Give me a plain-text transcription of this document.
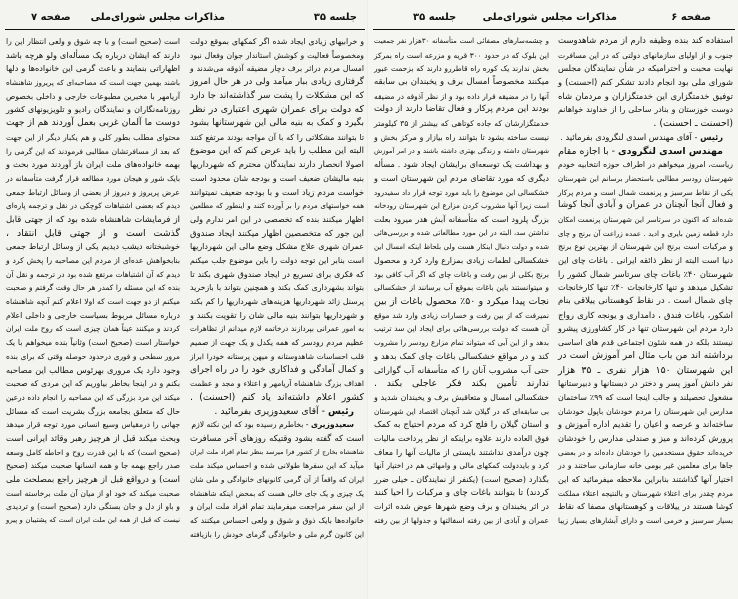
جلسه ۳۵
مذاکرات مجلس شورای‌ملی
صفحه ۷
و خرابیهای زیادی ایجاد شده اگر کمکهای بموقع دولت
ومخصوصاً فعالیت و کوشش استاندار جوان وفعال نبود
امسال مردم دراثر برف دچار مضیقه آذوقه می‌شدند و
گرفتاری زیادی ببار میآمد ولی در هر حال امروز
که این مشکلات را پشت سر گذاشته‌اند جا دارد
که دولت برای عمران شهری اعتباری در نظر
بگیرد و کمک به بنیه مالی این شهرستانها بشود
تا بتوانند مشکلاتی را که با آن مواجه بودند مرتفع کنند
البته این مطلب را باید عرض کنم که این موضوع
اصولا انحصار دارند نمایندگان محترم که شهرداریها
بنیه مالیشان ضعیف است و بودجه شان محدود است
خواست مردم زیاد است و با بودجه ضعیف نمیتوانند
همه خواستهای مردم را بر آورده کنند و اینطور که مطلعین
اظهار میکنند بنده که تخصصی در این امر ندارم ولی
این جور که متخصصین اظهار میکنند ایجاد صندوق
عمران شهری علاج مشکل وضع مالی این شهرداریها
است بنابر این توجه دولت را باین موضوع جلب میکنم
که فکری برای تسریع در ایجاد صندوق شهری بکند تا
بتواند بشهرداری کمک بکند و همچنین بتواند با بازخرید
پرسنل زائد شهرداریها هزینه‌های شهرداریها را کم بکند
و شهرداریها بتوانند بنیه مالی شان را تقویت بکنند و
به امور عمرانی بپردازند درخاتمه لازم میدانم از تظاهرات
عظیم مردم رودسر که همه یکدل و یک جهت از صمیم
قلب احساسات شاهدوستانه و میهن پرستانه خودرا ابراز
و کمال آمادگی و فداکاری خود را در راه اجرای
اهداف بزرگ شاهنشاه آریامهر و اعتلاء و مجد و عظمت
کشور اعلام داشته‌اند یاد کنم (احسنت) .
رئیس - آقای سعیدوزیری بفرمائید .
سعیدوزیری - بخاطرم رسیده بود که این نکته لازم
است که گفته بشود وقتیکه روزهای آخر مسافرت
شاهنشاه بخارج از کشور فرا میرسد بنظر تمام افراد ملت ایران
میآید که این سفرها طولانی شده و احساس میکند ملت
ایران که واقعاً از آن گرمی کانونهای خانوادگی و ملی شان
یک چیزی و یک جای خالی هست که بمحض اینکه شاهنشاه
از این سفر مراجعت میفرمایند تمام افراد ملت ایران و
خانواده‌ها بایک ذوق و شوق و ولعی احساس میکنند که
این کانون گرم ملی و خانوادگی گرمای خودش را بازیافته
است (صحیح است) و با چه شوق و ولعی انتظار این را
دارند که ایشان درباره یک مسأله‌ای ولو هرچه باشد
اظهاراتی بنمایند و باعث گرمی این خانواده‌ها و دلها
باشند بهمین جهت است که مصاحبه‌ای که پریروز شاهنشاه
آریامهر با مخبرین مطبوعات خارجی و داخلی بخصوص
روزنامه‌نگاران و نمایندگان رادیو و تلویزیونهای کشور
دوست ما آلمان غربی بعمل آوردند هم از جهت
محتوای مطلب بطور کلی و هم یکبار دیگر از این جهت
که بعد از مسافرتشان مطالبی فرمودند که این گرمی را
بهمه خانواده‌های ملت ایران باز آوردند مورد بحث و
بایک شور و هیجان مورد مطالعه قرار گرفت متأسفانه در
عرض پریروز و دیروز از بعضی از وسائل ارتباط جمعی
دیدم که بعضی اشتباهات کوچکی در نقل و ترجمه پاره‌ای
از فرمایشات شاهنشاه شده بود که از جهتی قابل
گذشت است و از جهتی قابل انتقاد ،
خوشبختانه دیشب دیدیم یکی از وسائل ارتباط جمعی
بنابخواهش عده‌ای از مردم این مصاحبه را پخش کرد و
دیدم که آن اشتباهات مرتفع شده بود در ترجمه و نقل آن
بنده که این مسئله را کمدر هر حال وقت گرفتم و صحبت
میکنم از دو جهت است که اولا اعلام کنم آنچه شاهنشاه
درباره مسائل مربوط بسیاست خارجی و داخلی اعلام
کردند و میکنند عیناً همان چیزی است که روح ملت ایران
خواستار است (صحیح است) وثانیاً بنده میخواهم با یک
مرور سطحی و فوری درحدود حوصله وقتی که برای بنده
وجود دارد یک مروری بهرئوس مطالب این مصاحبه
بکنم و در اینجا بخاطر بیاوریم که این مردی که صحبت
میکند این مرد بزرگی که این مصاحبه را انجام داده درعین
حال که متعلق بجامعه بزرگ بشریت است که مسائل
جهانی را درمقیاس وسیع انسانی مورد توجه قرار میدهد
وبحث میکند قبل از هرچیز رهبر وقائد ایرانی است
(صحیح است) که با این قدرت روح و احاطه کامل وسعه
صدر راجع بهمه جا و همه انسانها صحبت میکند (صحیح
است) و درواقع قبل از هرچیز راجع بمصلحت ملی
صحبت میکند که خود او از میان آن ملت برخاسته است
و باو از دل و جان بستگی دارد (صحیح است) و تردیدی
نیست که قبل از همه این ملت ایران است که پشتیبان و پیرو
صفحه ۶
مذاکرات مجلس شورای‌ملی
جلسه ۳۵
استفاده کند بنده وظیفه دارم از مردم شاهدوست
جنوب و از اولیای سازمانهای دولتی که در این مسافرت
نهایت محبت و احترامیکه در شأن نمایندگان مجلس
شورای ملی بود انجام دادند تشکر کنم (احسنت) و
توفیق خدمتگزاری این خدمتگزاران و مردمان شاه
دوست خوزستان و بنادر ساحلی را از خداوند خواهانم
(احسنت ـ احسنت) .
رئیس - آقای مهندس اسدی لنگرودی بفرمائید .
مهندس اسدی لنگرودی - با اجازه مقام
ریاست، امروز میخواهم در اطراف حوزه انتخابیه خودم
شهرستان رودسر مطالبی باستحضار برسانم این شهرستان
یکی از نقاط سرسبز و پرنعمت شمال است و مردم پرکار
و فعال آنجا آنچنان در عمران و آبادی آنجا کوشا
شده‌اند که اکنون در سرتاسر این شهرستان پرنعمت امکان
دارد قطعه زمین بایری و ادید . عمده زراعت آن برنج و چای
و مرکبات است برنج این شهرستان از بهترین نوع برنج
دنیا است البته از نظر ذائقه ایرانی . باغات چای این
شهرستان ۴۰٪ باغات چای سرتاسر شمال کشور را
تشکیل میدهد و تنها کارخانجات ۴۰٪ تنها کارخانجات
چای شمال است . در نقاط کوهستانی ییلاقی بنام
اشکور، باغات فندق ، دامداری و یونجه کاری رواج
دارد مردم این شهرستان تنها در کار کشاورزی پیشرو
نیستند بلکه در همه شئون اجتماعی قدم های اساسی
برداشته اند من باب مثال امر آموزش است در
این شهرستان ۱۵۰ هزار نفری ـ ۳۵ هزار
نفر دانش آموز پسر و دختر در دبستانها و دبیرستانها
مشغول تحصیلند و جالب اینجا است که ۹۹٪ ساختمان
مدارس این شهرستان را مردم خودشان باپول خودشان
ساخته‌اند و عرصه و اعیان را تقدیم اداره آموزش و
پرورش کرده‌اند و میز و صندلی مدارس را خودشان
خریده‌اند حقوق مستخدمین را خودشان داده‌اند و در بعضی
جاها برای معلمین غیر بومی خانه سازمانی ساختند و در
اختیار آنها گذاشتند بنابراین ملاحظه میفرمائید که این
مردم چقدر برای اعتلاء شهرستان و بالنتیجه اعتلاء مملکت
کوشا هستند در ییلاقات و کوهستانهای مصفا که نقاط
بسیار سرسبز و خرمی است و دارای آبشارهای بسیار زیبا
و چشمه‌سارهای مصفائی است متأسفانه ۳۰هزار نفر جمعیت
این بلوک که در حدود ۳۰۰ قریه و مزرعه است راه بمرکز
بخش ندارند یک کوره راه قاطررو دارند که بزحمت عبور
میکنند مخصوصاً امسال برف و یخبندان بی سابقه
آنها را در مضیقه قرار داده بود و از نظر آذوقه در مضیقه
بودند این مردم پرکار و فعال تقاضا دارند از دولت
خدمتگزارشان که جاده کوتاهی که بیشتر از ۳۵ کیلومتر
نیست ساخته بشود تا بتوانند راه بیازار و مرکز بخش و
شهرستان داشته و زندگی بهتری داشته باشند و در امر آموزش
و بهداشت یک توسعه‌ای برایشان ایجاد شود . مسأله
دیگری که مورد تقاضای مردم این شهرستان است و
خشکسالی این موضوع را باید مورد توجه قرار داد سفیدرود
است زیرا آنها مشروب کردن مزارع این شهرستان رودخانه
بزرگ پلرود است که متأسفانه آبش هدر میرود بعلت
نداشتن سد، البته در این مورد مطالعاتی شده و بررسی‌هائی
شده و دولت دنبال اینکار هست ولی بلحاظ اینکه امسال این
خشکسالی لطمات زیادی بمزارع وارد کرد و محصول
برنج بکلی از بین رفت و باغات چای که اگر آب کافی بود
و میتوانستند باین باغات بموقع آب برسانند از خشکسالی
نجات پیدا میکرد و ۵۰٪ محصول باغات از بین
نمیرفت که از بین رفت و خسارات زیادی وارد شد موقع
آن هست که دولت بررسی‌هائی برای ایجاد این سد ترتیب
بدهد و از این آبی که میتواند تمام مزارع رودسر را مشروب
کند و در مواقع خشکسالی باغات چای کمک بدهد و
حتی آب مشروب آنان را که متأسفانه آب گوارائی
ندارند تأمین بکند فکر عاجلی بکند .
خشکسالی امسال و متعاقبش برف و یخبندان شدید و
بی سابقه‌ای که در گیلان شد آنچنان اقتصاد این شهرستان
و استان گیلان را فلج کرد که مردم احتیاج به کمک
فوق العاده دارند علاوه براینکه از نظر پرداخت مالیات
چون درآمدی نداشتند بایستی از مالیات آنها را معاف
کرد و بایددولت کمکهای مالی و وامهائی هم در اختیار آنها
بگذارد (صحیح است) (یکنفر از نمایندگان ـ خیلی ضرر
کردند) تا بتوانند باغات چای و مرکبات را احیا کنند
در اثر یخبندان و برف وضع شهرها عوض شده اثرات
عمران و آبادی از بین رفته اسفالتها و جدولها از بین رفته
